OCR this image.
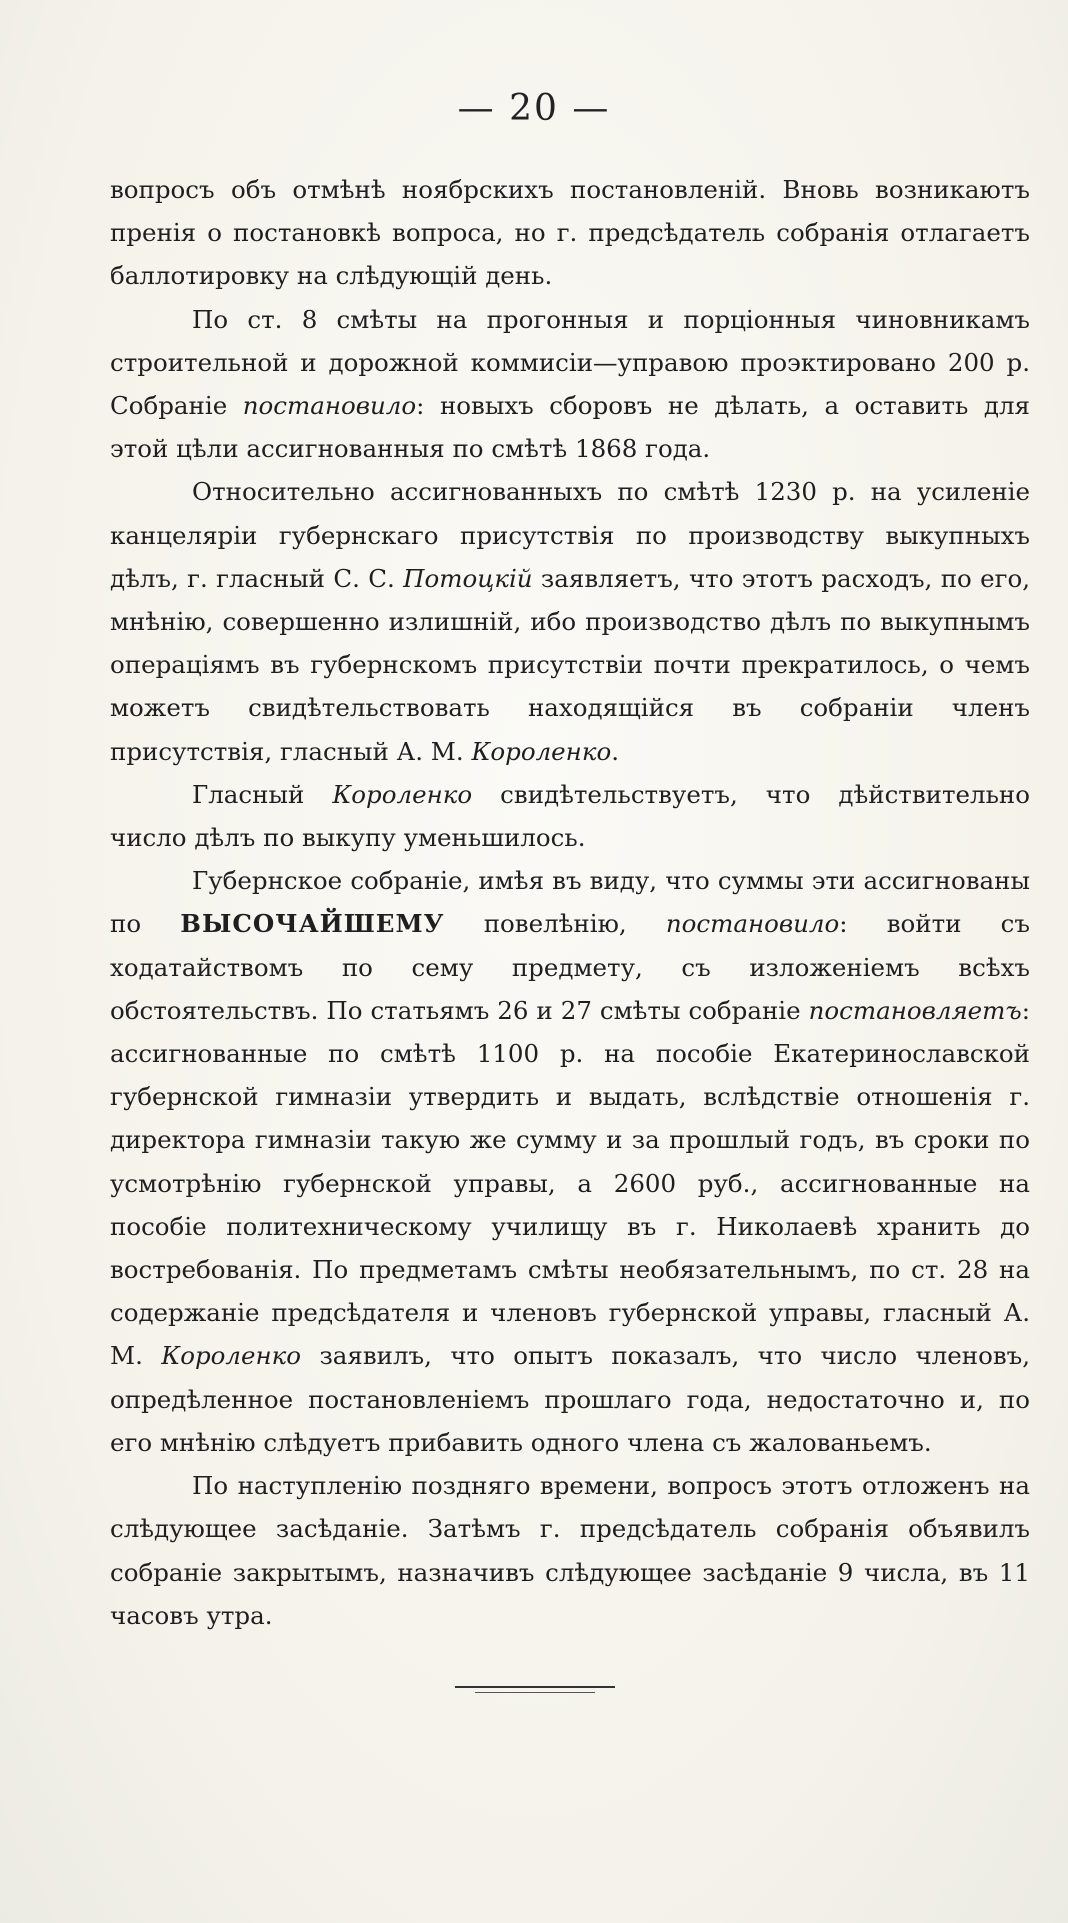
— 20 —

вопросъ объ отмѣнѣ ноябрскихъ постановленій. Вновь возникаютъ пренія о постановкѣ вопроса, но г. предсѣдатель собранія отлагаетъ баллотировку на слѣдующій день.

По ст. 8 смѣты на прогонныя и порціонныя чиновникамъ строительной и дорожной коммисіи—управою проэктировано 200 р. Собраніе постановило: новыхъ сборовъ не дѣлать, а оставить для этой цѣли ассигнованныя по смѣтѣ 1868 года.

Относительно ассигнованныхъ по смѣтѣ 1230 р. на усиленіе канцеляріи губернскаго присутствія по производству выкупныхъ дѣлъ, г. гласный С. С. Потоцкій заявляетъ, что этотъ расходъ, по его, мнѣнію, совершенно излишній, ибо производство дѣлъ по выкупнымъ операціямъ въ губернскомъ присутствіи почти прекратилось, о чемъ можетъ свидѣтельствовать находящійся въ собраніи членъ присутствія, гласный А. М. Короленко.

Гласный Короленко свидѣтельствуетъ, что дѣйствительно число дѣлъ по выкупу уменьшилось.

Губернское собраніе, имѣя въ виду, что суммы эти ассигнованы по ВЫСОЧАЙШЕМУ повелѣнію, постановило: войти съ ходатайствомъ по сему предмету, съ изложеніемъ всѣхъ обстоятельствъ. По статьямъ 26 и 27 смѣты собраніе постановляетъ: ассигнованные по смѣтѣ 1100 р. на пособіе Екатеринославской губернской гимназіи утвердить и выдать, вслѣдствіе отношенія г. директора гимназіи такую же сумму и за прошлый годъ, въ сроки по усмотрѣнію губернской управы, а 2600 руб., ассигнованные на пособіе политехническому училищу въ г. Николаевѣ хранить до востребованія. По предметамъ смѣты необязательнымъ, по ст. 28 на содержаніе предсѣдателя и членовъ губернской управы, гласный А. М. Короленко заявилъ, что опытъ показалъ, что число членовъ, опредѣленное постановленіемъ прошлаго года, недостаточно и, по его мнѣнію слѣдуетъ прибавить одного члена съ жалованьемъ.

По наступленію поздняго времени, вопросъ этотъ отложенъ на слѣдующее засѣданіе. Затѣмъ г. предсѣдатель собранія объявилъ собраніе закрытымъ, назначивъ слѣдующее засѣданіе 9 числа, въ 11 часовъ утра.
